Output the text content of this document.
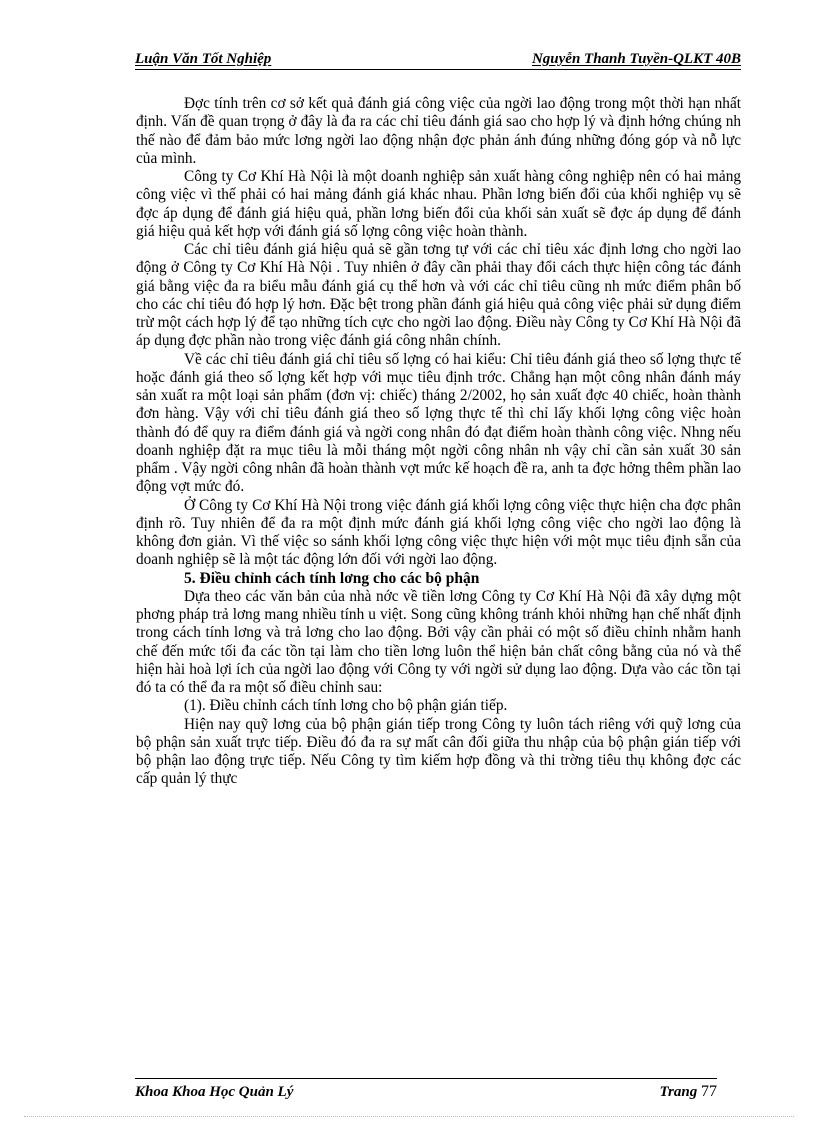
Luận Văn Tốt Nghiệp	Nguyễn Thanh Tuyền-QLKT 40B

Đợc tính trên cơ sở kết quả đánh giá công việc của ngời lao động trong một thời hạn nhất định. Vấn đề quan trọng ở đây là đa ra các chỉ tiêu đánh giá sao cho hợp lý và định hớng chúng nh thế nào để đảm bảo mức lơng ngời lao động nhận đợc phản ánh đúng những đóng góp và nỗ lực của mình.

Công ty Cơ Khí Hà Nội là một doanh nghiệp sản xuất hàng công nghiệp nên có hai mảng công việc vì thế phải có hai mảng đánh giá khác nhau. Phần lơng biến đổi của khối nghiệp vụ sẽ đợc áp dụng để đánh giá hiệu quả, phần lơng biến đổi của khối sản xuất sẽ đợc áp dụng để đánh giá hiệu quả kết hợp với đánh giá số lợng công việc hoàn thành.

Các chỉ tiêu đánh giá hiệu quả sẽ gần tơng tự với các chỉ tiêu xác định lơng cho ngời lao động ở Công ty Cơ Khí Hà Nội . Tuy nhiên ở đây cần phải thay đổi cách thực hiện công tác đánh giá bằng việc đa ra biểu mẫu đánh giá cụ thể hơn và với các chỉ tiêu cũng nh mức điểm phân bố cho các chỉ tiêu đó hợp lý hơn. Đặc bệt trong phần đánh giá hiệu quả công việc phải sử dụng điểm trừ một cách hợp lý để tạo những tích cực cho ngời lao động. Điều này Công ty Cơ Khí Hà Nội đã áp dụng đợc phần nào trong việc đánh giá công nhân chính.

Về các chỉ tiêu đánh giá chỉ tiêu số lợng có hai kiểu: Chỉ tiêu đánh giá theo số lợng thực tế hoặc đánh giá theo số lợng kết hợp với mục tiêu định trớc. Chẳng hạn một công nhân đánh máy sản xuất ra một loại sản phẩm (đơn vị: chiếc) tháng 2/2002, họ sản xuất đợc 40 chiếc, hoàn thành đơn hàng. Vậy với chỉ tiêu đánh giá theo số lợng thực tế thì chỉ lấy khối lợng công việc hoàn thành đó để quy ra điểm đánh giá và ngời cong nhân đó đạt điểm hoàn thành công việc. Nhng nếu doanh nghiệp đặt ra mục tiêu là mỗi tháng một ngời công nhân nh vậy chỉ cần sản xuất 30 sản phẩm . Vậy ngời công nhân đã hoàn thành vợt mức kế hoạch đề ra, anh ta đợc hởng thêm phần lao động vợt mức đó.

Ở Công ty Cơ Khí Hà Nội trong việc đánh giá khối lợng công việc thực hiện cha đợc phân định rõ. Tuy nhiên để đa ra một định mức đánh giá khối lợng công việc cho ngời lao động là không đơn giản. Vì thế việc so sánh khối lợng công việc thực hiện với một mục tiêu định sẵn của doanh nghiệp sẽ là một tác động lớn đối với ngời lao động.

5. Điều chỉnh cách tính lơng cho các bộ phận

Dựa theo các văn bản của nhà nớc về tiền lơng Công ty Cơ Khí Hà Nội đã xây dựng một phơng pháp trả lơng mang nhiều tính u việt. Song cũng không tránh khỏi những hạn chế nhất định trong cách tính lơng và trả lơng cho lao động. Bởi vậy cần phải có một số điều chỉnh nhằm hanh chế đến mức tối đa các tồn tại làm cho tiền lơng luôn thể hiện bản chất công bằng của nó và thể hiện hài hoà lợi ích của ngời lao động với Công ty với ngời sử dụng lao động. Dựa vào các tồn tại đó ta có thể đa ra một số điều chỉnh sau:

(1). Điều chỉnh cách tính lơng cho bộ phận gián tiếp.

Hiện nay quỹ lơng của bộ phận gián tiếp trong Công ty luôn tách riêng với quỹ lơng của bộ phận sản xuất trực tiếp. Điều đó đa ra sự mất cân đối giữa thu nhập của bộ phận gián tiếp với bộ phận lao động trực tiếp. Nếu Công ty tìm kiếm hợp đồng và thi trờng tiêu thụ không đợc các cấp quản lý thực

Khoa Khoa Học Quản Lý	Trang 77
